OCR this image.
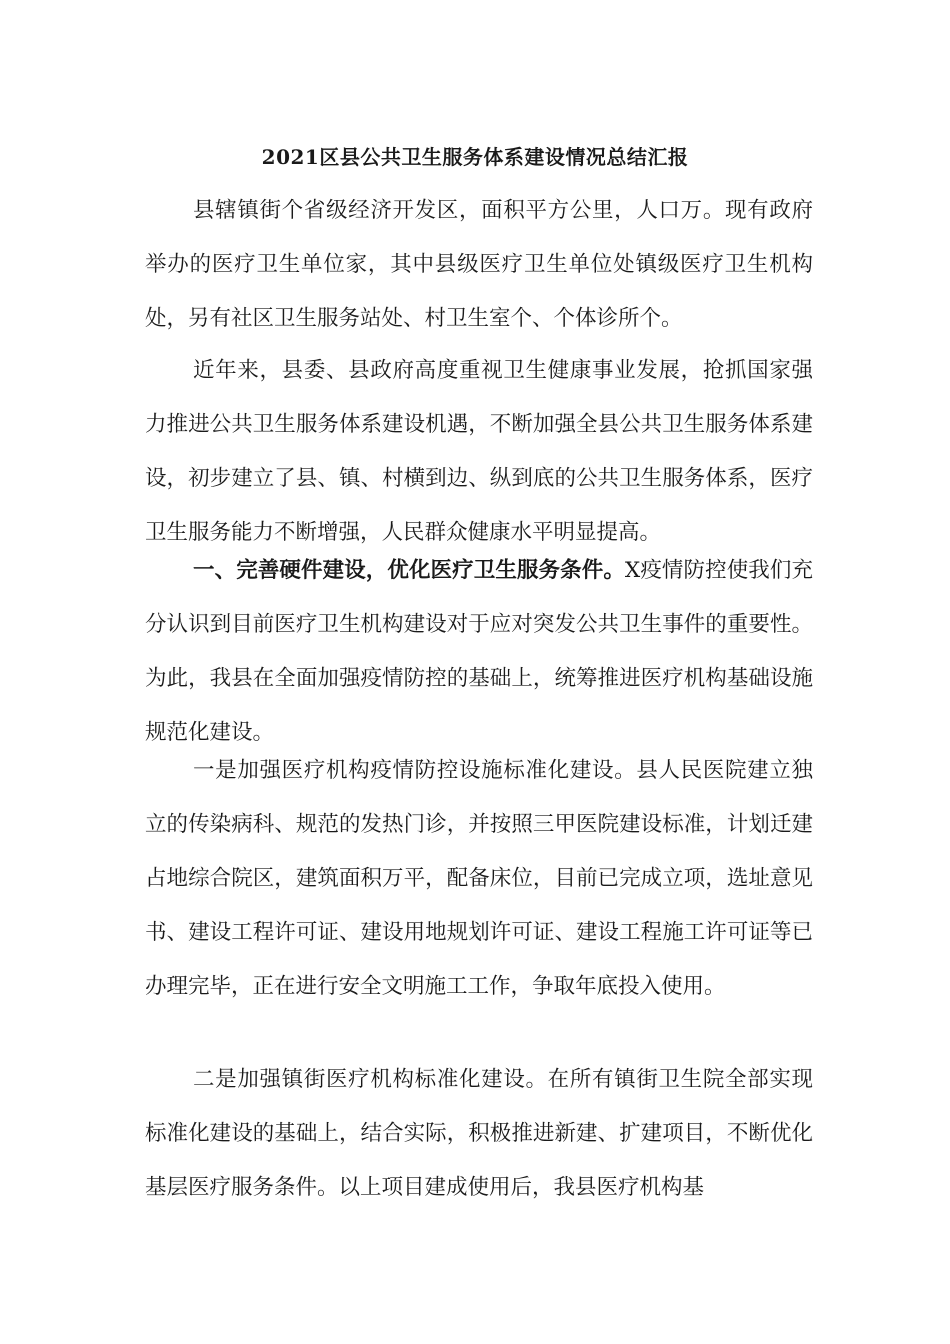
2021区县公共卫生服务体系建设情况总结汇报

县辖镇街个省级经济开发区，面积平方公里，人口万。现有政府举办的医疗卫生单位家，其中县级医疗卫生单位处镇级医疗卫生机构处，另有社区卫生服务站处、村卫生室个、个体诊所个。

近年来，县委、县政府高度重视卫生健康事业发展，抢抓国家强力推进公共卫生服务体系建设机遇，不断加强全县公共卫生服务体系建设，初步建立了县、镇、村横到边、纵到底的公共卫生服务体系，医疗卫生服务能力不断增强，人民群众健康水平明显提高。

一、完善硬件建设，优化医疗卫生服务条件。X疫情防控使我们充分认识到目前医疗卫生机构建设对于应对突发公共卫生事件的重要性。为此，我县在全面加强疫情防控的基础上，统筹推进医疗机构基础设施规范化建设。

一是加强医疗机构疫情防控设施标准化建设。县人民医院建立独立的传染病科、规范的发热门诊，并按照三甲医院建设标准，计划迁建占地综合院区，建筑面积万平，配备床位，目前已完成立项，选址意见书、建设工程许可证、建设用地规划许可证、建设工程施工许可证等已办理完毕，正在进行安全文明施工工作，争取年底投入使用。

二是加强镇街医疗机构标准化建设。在所有镇街卫生院全部实现标准化建设的基础上，结合实际，积极推进新建、扩建项目，不断优化基层医疗服务条件。以上项目建成使用后，我县医疗机构基
